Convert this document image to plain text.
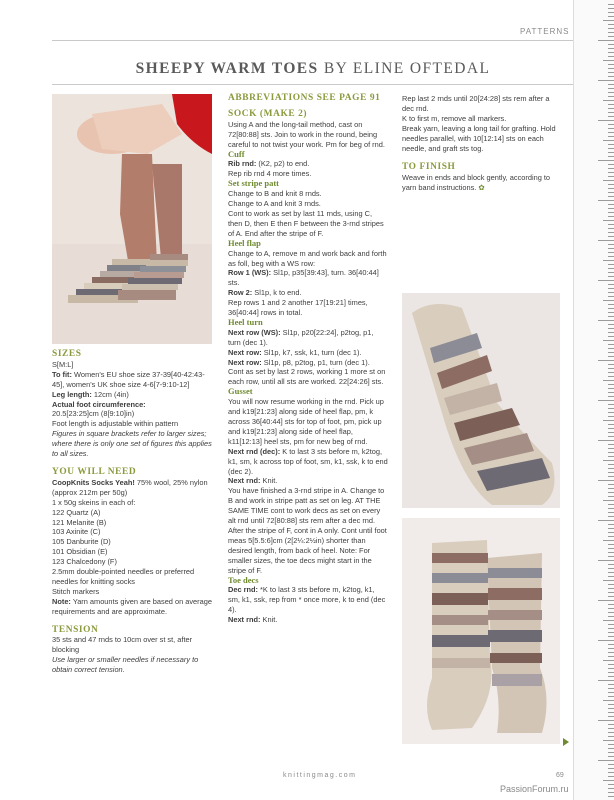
PATTERNS
SHEEPY WARM TOES BY ELINE OFTEDAL

SIZES

S[M:L]

To fit: Women's EU shoe size 37-39[40-42:43-45], women's UK shoe size 4-6[7-9:10-12]

Leg length: 12cm (4in)

Actual foot circumference:

20.5[23:25]cm (8[9:10]in)

Foot length is adjustable within pattern

Figures in square brackets refer to larger sizes; where there is only one set of figures this applies to all sizes.

YOU WILL NEED

CoopKnits Socks Yeah! 75% wool, 25% nylon (approx 212m per 50g)

1 x 50g skeins in each of:

122 Quartz (A)

121 Melanite (B)

103 Axinite (C)

105 Danburite (D)

101 Obsidian (E)

123 Chalcedony (F)

2.5mm double-pointed needles or preferred needles for knitting socks

Stitch markers

Note: Yarn amounts given are based on average requirements and are approximate.

TENSION

35 sts and 47 rnds to 10cm over st st, after blocking

Use larger or smaller needles if necessary to obtain correct tension.

ABBREVIATIONS SEE PAGE 91

SOCK (MAKE 2)

Using A and the long-tail method, cast on 72[80:88] sts. Join to work in the round, being careful to not twist your work. Pm for beg of rnd.

Cuff

Rib rnd: (K2, p2) to end.

Rep rib rnd 4 more times.

Set stripe patt

Change to B and knit 8 rnds.

Change to A and knit 3 rnds.

Cont to work as set by last 11 rnds, using C, then D, then E then F between the 3-rnd stripes of A. End after the stripe of F.

Heel flap

Change to A, remove m and work back and forth as foll, beg with a WS row:

Row 1 (WS): Sl1p, p35[39:43], turn. 36[40:44] sts.

Row 2: Sl1p, k to end.

Rep rows 1 and 2 another 17[19:21] times, 36[40:44] rows in total.

Heel turn

Next row (WS): Sl1p, p20[22:24], p2tog, p1, turn (dec 1).

Next row: Sl1p, k7, ssk, k1, turn (dec 1).

Next row: Sl1p, p8, p2tog, p1, turn (dec 1).

Cont as set by last 2 rows, working 1 more st on each row, until all sts are worked. 22[24:26] sts.

Gusset

You will now resume working in the rnd. Pick up and k19[21:23] along side of heel flap, pm, k across 36[40:44] sts for top of foot, pm, pick up and k19[21:23] along side of heel flap, k11[12:13] heel sts, pm for new beg of rnd.

Next rnd (dec): K to last 3 sts before m, k2tog, k1, sm, k across top of foot, sm, k1, ssk, k to end (dec 2).

Next rnd: Knit.

You have finished a 3-rnd stripe in A. Change to B and work in stripe patt as set on leg. AT THE SAME TIME cont to work decs as set on every alt rnd until 72[80:88] sts rem after a dec rnd. After the stripe of F, cont in A only. Cont until foot meas 5[5.5:6]cm (2[2¼:2½in) shorter than desired length, from back of heel. Note: For smaller sizes, the toe decs might start in the stripe of F.

Toe decs

Dec rnd: *K to last 3 sts before m, k2tog, k1, sm, k1, ssk, rep from * once more, k to end (dec 4).

Next rnd: Knit.

Rep last 2 rnds until 20[24:28] sts rem after a dec rnd.

K to first m, remove all markers.

Break yarn, leaving a long tail for grafting. Hold needles parallel, with 10[12:14] sts on each needle, and graft sts tog.

TO FINISH

Weave in ends and block gently, according to yarn band instructions. ✿

knittingmag.com	69
PassionForum.ru
